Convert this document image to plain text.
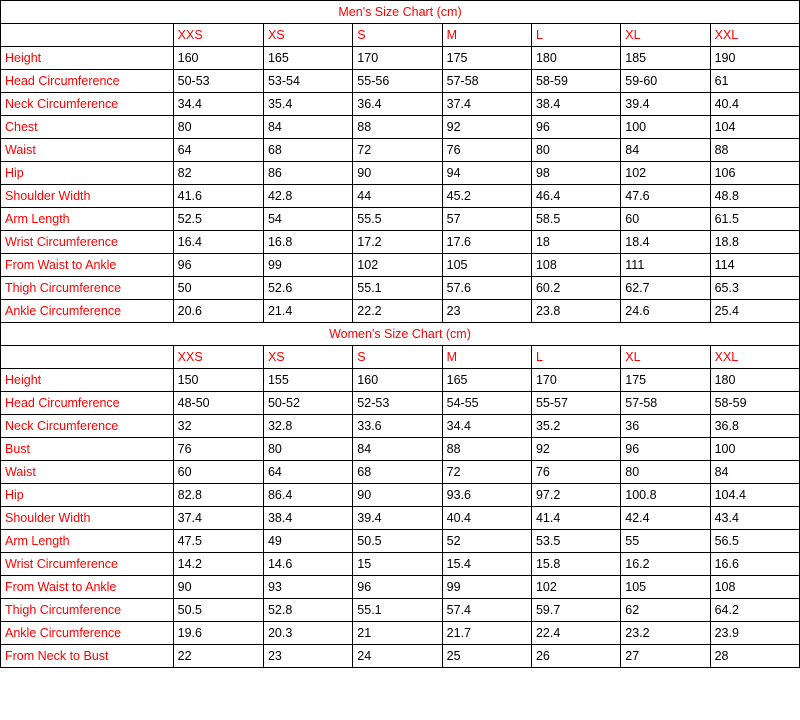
Men's Size Chart (cm)							
	XXS	XS	S	M	L	XL	XXL
Height	160	165	170	175	180	185	190
Head Circumference	50-53	53-54	55-56	57-58	58-59	59-60	61
Neck Circumference	34.4	35.4	36.4	37.4	38.4	39.4	40.4
Chest	80	84	88	92	96	100	104
Waist	64	68	72	76	80	84	88
Hip	82	86	90	94	98	102	106
Shoulder Width	41.6	42.8	44	45.2	46.4	47.6	48.8
Arm Length	52.5	54	55.5	57	58.5	60	61.5
Wrist Circumference	16.4	16.8	17.2	17.6	18	18.4	18.8
From Waist to Ankle	96	99	102	105	108	111	114
Thigh Circumference	50	52.6	55.1	57.6	60.2	62.7	65.3
Ankle Circumference	20.6	21.4	22.2	23	23.8	24.6	25.4
Women's Size Chart (cm)							
	XXS	XS	S	M	L	XL	XXL
Height	150	155	160	165	170	175	180
Head Circumference	48-50	50-52	52-53	54-55	55-57	57-58	58-59
Neck Circumference	32	32.8	33.6	34.4	35.2	36	36.8
Bust	76	80	84	88	92	96	100
Waist	60	64	68	72	76	80	84
Hip	82.8	86.4	90	93.6	97.2	100.8	104.4
Shoulder Width	37.4	38.4	39.4	40.4	41.4	42.4	43.4
Arm Length	47.5	49	50.5	52	53.5	55	56.5
Wrist Circumference	14.2	14.6	15	15.4	15.8	16.2	16.6
From Waist to Ankle	90	93	96	99	102	105	108
Thigh Circumference	50.5	52.8	55.1	57.4	59.7	62	64.2
Ankle Circumference	19.6	20.3	21	21.7	22.4	23.2	23.9
From Neck to Bust	22	23	24	25	26	27	28
